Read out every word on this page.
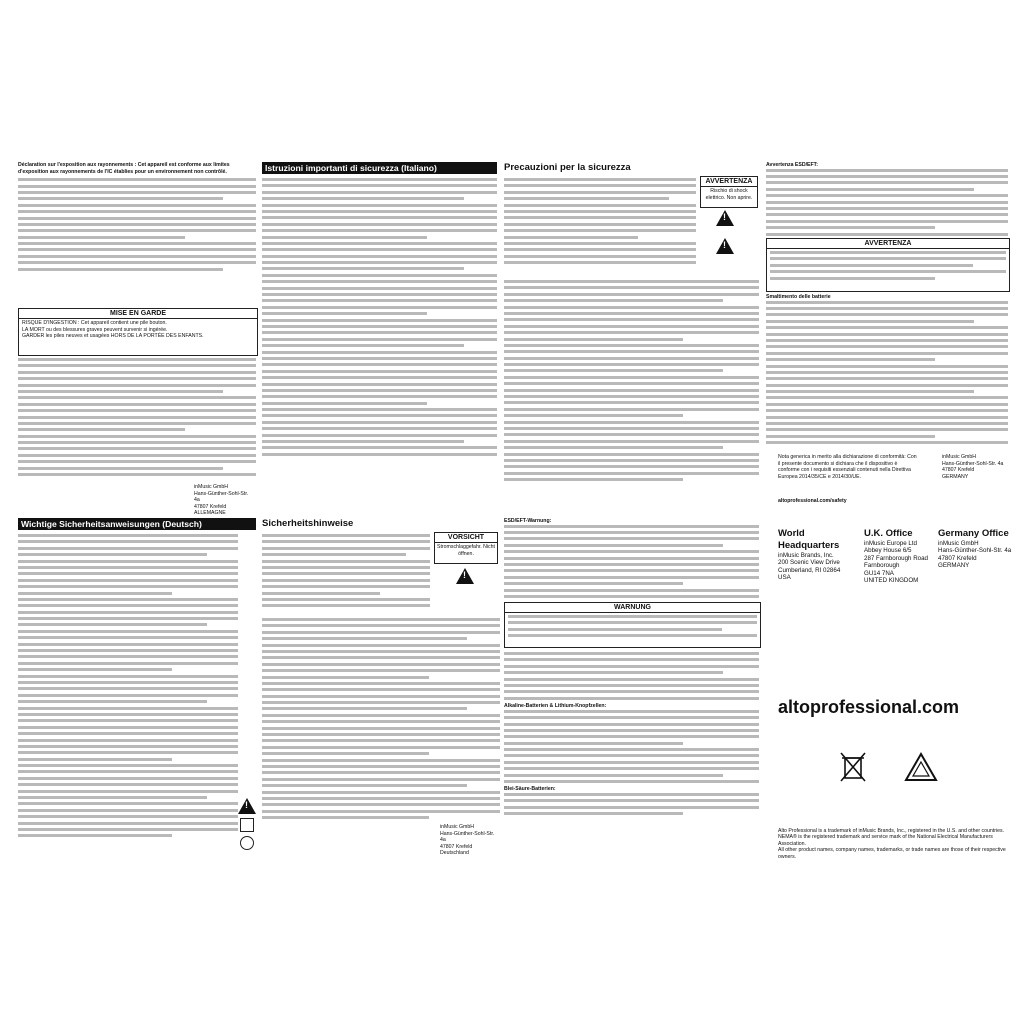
Déclaration sur l'exposition aux rayonnements : Cet appareil est conforme aux limites d'exposition aux rayonnements de l'IC établies pour un environnement non contrôlé.
MISE EN GARDE
RISQUE D'INGESTION : Cet appareil contient une pile bouton.
LA MORT ou des blessures graves peuvent survenir si ingérée.
GARDER les piles neuves et usagées HORS DE LA PORTÉE DES ENFANTS.
inMusic GmbH
Hans-Günther-Sohl-Str. 4a
47807 Krefeld
ALLEMAGNE
Istruzioni importanti di sicurezza (Italiano)	Precauzioni per la sicurezza
AVVERTENZA
Rischio di shock elettrico. Non aprire.
!
!
Avvertenza ESD/EFT:
AVVERTENZA
Smaltimento delle batterie
Nota generica in merito alla dichiarazione di conformità: Con il presente documento si dichiara che il dispositivo è conforme con i requisiti essenziali contenuti nella Direttiva Europea 2014/35/CE e 2014/30/UE.
inMusic GmbH
Hans-Günther-Sohl-Str. 4a
47807 Krefeld
GERMANY
altoprofessional.com/safety
Wichtige Sicherheitsanweisungen (Deutsch)
!	Sicherheitshinweise
VORSICHT
Stromschlaggefahr. Nicht öffnen.
!
inMusic GmbH
Hans-Günther-Sohl-Str. 4a
47807 Krefeld
Deutschland
ESD/EFT-Warnung:
WARNUNG
Alkaline-Batterien & Lithium-Knopfzellen:
Blei-Säure-Batterien:
World Headquarters
inMusic Brands, Inc.
200 Scenic View Drive
Cumberland, RI 02864
USA
U.K. Office
inMusic Europe Ltd
Abbey House 6/5
287 Farnborough Road
Farnborough
GU14 7NA
UNITED KINGDOM
Germany Office
inMusic GmbH
Hans-Günther-Sohl-Str. 4a
47807 Krefeld
GERMANY
altoprofessional.com
Alto Professional is a trademark of inMusic Brands, Inc., registered in the U.S. and other countries.
NEMA® is the registered trademark and service mark of the National Electrical Manufacturers Association.
All other product names, company names, trademarks, or trade names are those of their respective owners.
